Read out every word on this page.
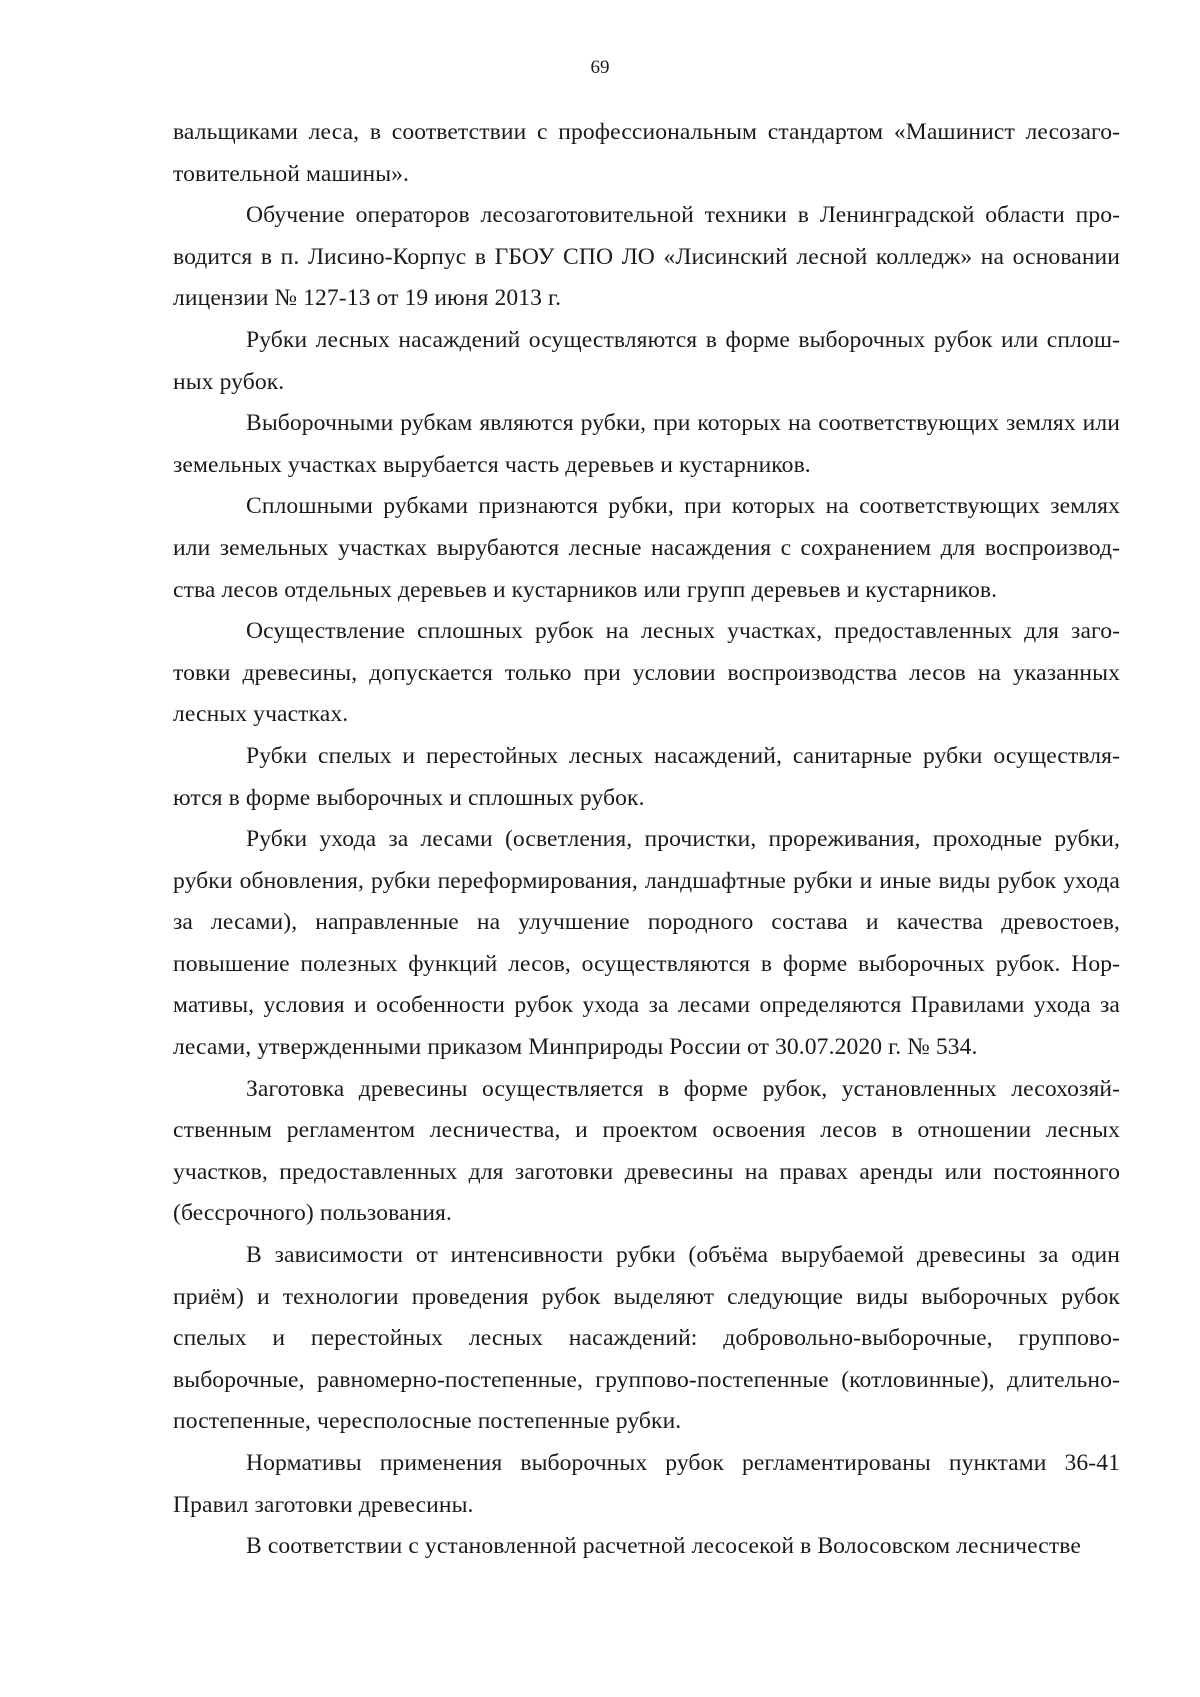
69

вальщиками леса, в соответствии с профессиональным стандартом «Машинист лесозаготовительной машины».

Обучение операторов лесозаготовительной техники в Ленинградской области проводится в п. Лисино-Корпус в ГБОУ СПО ЛО «Лисинский лесной колледж» на основании лицензии № 127-13 от 19 июня 2013 г.

Рубки лесных насаждений осуществляются в форме выборочных рубок или сплошных рубок.

Выборочными рубкам являются рубки, при которых на соответствующих землях или земельных участках вырубается часть деревьев и кустарников.

Сплошными рубками признаются рубки, при которых на соответствующих землях или земельных участках вырубаются лесные насаждения с сохранением для воспроизводства лесов отдельных деревьев и кустарников или групп деревьев и кустарников.

Осуществление сплошных рубок на лесных участках, предоставленных для заготовки древесины, допускается только при условии воспроизводства лесов на указанных лесных участках.

Рубки спелых и перестойных лесных насаждений, санитарные рубки осуществляются в форме выборочных и сплошных рубок.

Рубки ухода за лесами (осветления, прочистки, прореживания, проходные рубки, рубки обновления, рубки переформирования, ландшафтные рубки и иные виды рубок ухода за лесами), направленные на улучшение породного состава и качества древостоев, повышение полезных функций лесов, осуществляются в форме выборочных рубок. Нормативы, условия и особенности рубок ухода за лесами определяются Правилами ухода за лесами, утвержденными приказом Минприроды России от 30.07.2020 г. № 534.

Заготовка древесины осуществляется в форме рубок, установленных лесохозяйственным регламентом лесничества, и проектом освоения лесов в отношении лесных участков, предоставленных для заготовки древесины на правах аренды или постоянного (бессрочного) пользования.

В зависимости от интенсивности рубки (объёма вырубаемой древесины за один приём) и технологии проведения рубок выделяют следующие виды выборочных рубок спелых и перестойных лесных насаждений: добровольно-выборочные, группово-выборочные, равномерно-постепенные, группово-постепенные (котловинные), длительно-постепенные, чересполосные постепенные рубки.

Нормативы применения выборочных рубок регламентированы пунктами 36-41 Правил заготовки древесины.

В соответствии с установленной расчетной лесосекой в Волосовском лесничестве
